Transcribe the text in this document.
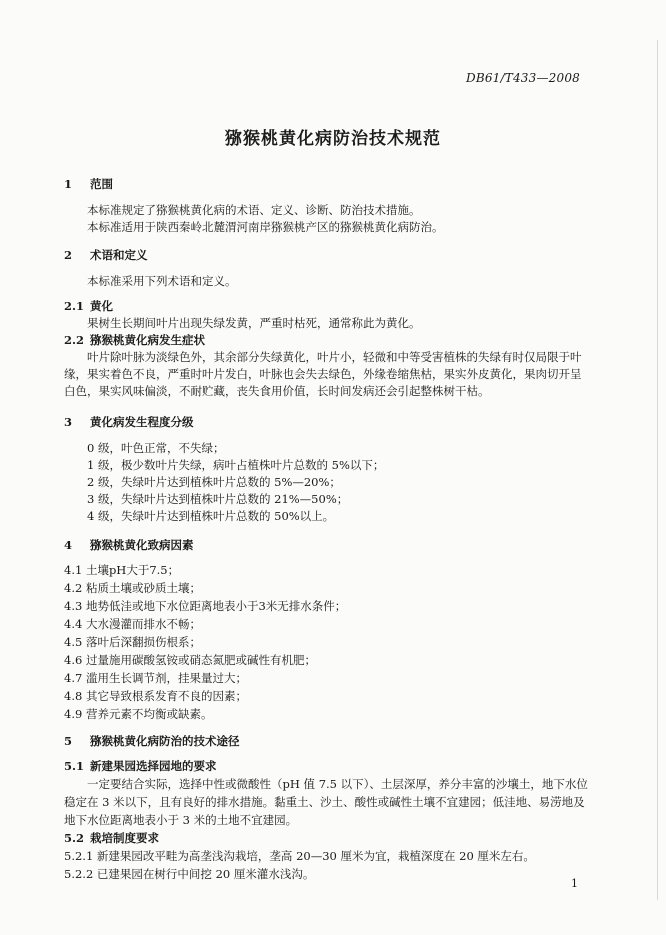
DB61/T433—2008
猕猴桃黄化病防治技术规范
1 范围
本标准规定了猕猴桃黄化病的术语、定义、诊断、防治技术措施。
本标准适用于陕西秦岭北麓渭河南岸猕猴桃产区的猕猴桃黄化病防治。
2 术语和定义
本标准采用下列术语和定义。
2.1 黄化
果树生长期间叶片出现失绿发黄，严重时枯死，通常称此为黄化。
2.2 猕猴桃黄化病发生症状
叶片除叶脉为淡绿色外，其余部分失绿黄化，叶片小，轻微和中等受害植株的失绿有时仅局限于叶
缘，果实着色不良，严重时叶片发白，叶脉也会失去绿色，外缘卷缩焦枯，果实外皮黄化，果肉切开呈
白色，果实风味偏淡，不耐贮藏，丧失食用价值，长时间发病还会引起整株树干枯。
3 黄化病发生程度分级
0 级，叶色正常，不失绿；
1 级，极少数叶片失绿，病叶占植株叶片总数的 5%以下；
2 级，失绿叶片达到植株叶片总数的 5%—20%；
3 级，失绿叶片达到植株叶片总数的 21%—50%；
4 级，失绿叶片达到植株叶片总数的 50%以上。
4 猕猴桃黄化致病因素
4.1 土壤pH大于7.5；
4.2 粘质土壤或砂质土壤；
4.3 地势低洼或地下水位距离地表小于3米无排水条件；
4.4 大水漫灌而排水不畅；
4.5 落叶后深翻损伤根系；
4.6 过量施用碳酸氢铵或硝态氮肥或碱性有机肥；
4.7 滥用生长调节剂，挂果量过大；
4.8 其它导致根系发育不良的因素；
4.9 营养元素不均衡或缺素。
5 猕猴桃黄化病防治的技术途径
5.1 新建果园选择园地的要求
一定要结合实际，选择中性或微酸性（pH 值 7.5 以下）、土层深厚，养分丰富的沙壤土，地下水位
稳定在 3 米以下，且有良好的排水措施。黏重土、沙土、酸性或碱性土壤不宜建园；低洼地、易涝地及
地下水位距离地表小于 3 米的土地不宜建园。
5.2 栽培制度要求
5.2.1 新建果园改平畦为高垄浅沟栽培，垄高 20—30 厘米为宜，栽植深度在 20 厘米左右。
5.2.2 已建果园在树行中间挖 20 厘米灌水浅沟。
1
